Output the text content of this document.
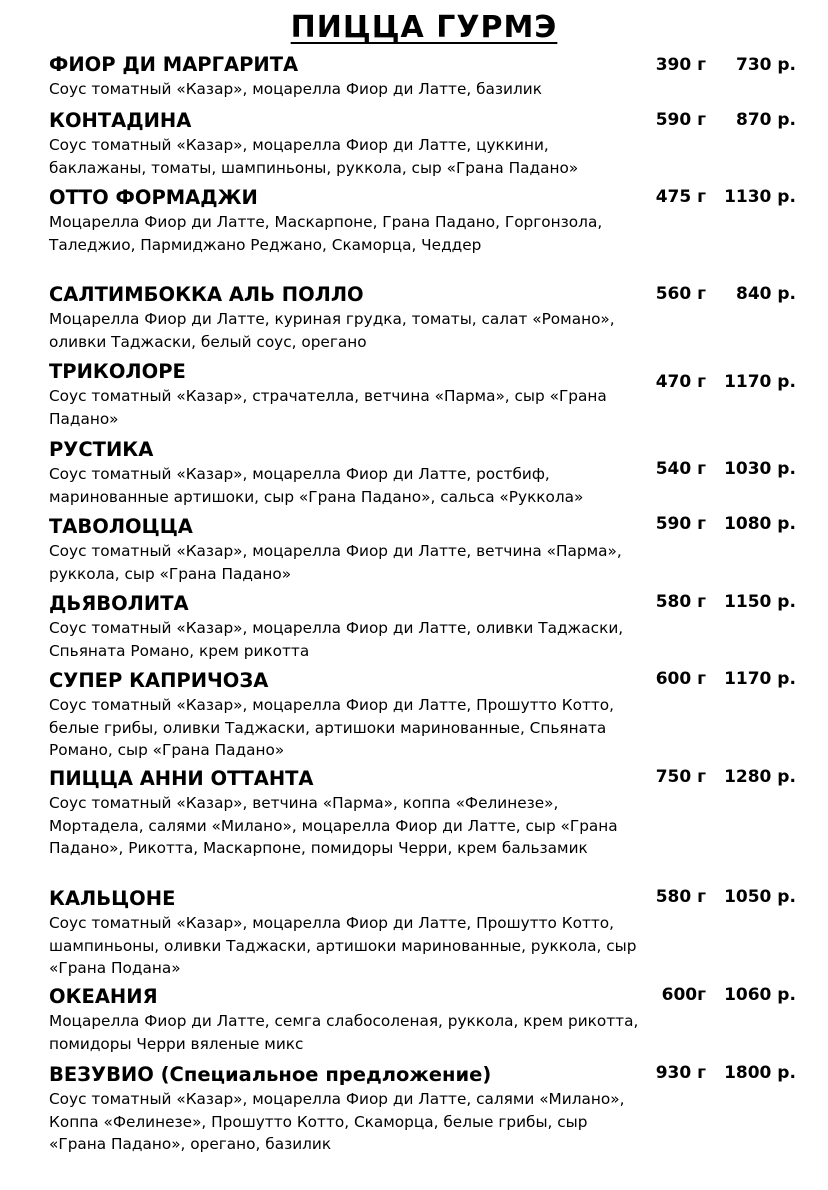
ПИЦЦА ГУРМЭ
ФИОР ДИ МАРГАРИТА
Соус томатный «Казар», моцарелла Фиор ди Латте, базилик
390 г	730 р.
КОНТАДИНА
Соус томатный «Казар», моцарелла Фиор ди Латте, цуккини, баклажаны, томаты, шампиньоны, руккола, сыр «Грана Падано»
590 г	870 р.
ОТТО ФОРМАДЖИ
Моцарелла Фиор ди Латте, Маскарпоне, Грана Падано, Горгонзола, Таледжио, Пармиджано Реджано, Скаморца, Чеддер
475 г 1130 р.
САЛТИМБОККА АЛЬ ПОЛЛО
Моцарелла Фиор ди Латте, куриная грудка, томаты, салат «Романо», оливки Таджаски, белый соус, орегано
560 г	840 р.
ТРИКОЛОРЕ
Соус томатный «Казар», страчателла, ветчина «Парма», сыр «Грана Падано»
470 г 1170 р.
РУСТИКА
Соус томатный «Казар», моцарелла Фиор ди Латте, ростбиф, маринованные артишоки, сыр «Грана Падано», сальса «Руккола»
540 г 1030 р.
ТАВОЛОЦЦА
Соус томатный «Казар», моцарелла Фиор ди Латте, ветчина «Парма», руккола, сыр «Грана Падано»
590 г 1080 р.
ДЬЯВОЛИТА
Соус томатный «Казар», моцарелла Фиор ди Латте, оливки Таджаски, Спьяната Романо, крем рикотта
580 г 1150 р.
СУПЕР КАПРИЧОЗА
Соус томатный «Казар», моцарелла Фиор ди Латте, Прошутто Котто, белые грибы, оливки Таджаски, артишоки маринованные, Спьяната Романо, сыр «Грана Падано»
600 г 1170 р.
ПИЦЦА АННИ ОТТАНТА
Соус томатный «Казар», ветчина «Парма», коппа «Фелинезе», Мортадела, салями «Милано», моцарелла Фиор ди Латте, сыр «Грана Падано», Рикотта, Маскарпоне, помидоры Черри, крем бальзамик
750 г 1280 р.
КАЛЬЦОНЕ
Соус томатный «Казар», моцарелла Фиор ди Латте, Прошутто Котто, шампиньоны, оливки Таджаски, артишоки маринованные, руккола, сыр «Грана Подана»
580 г 1050 р.
ОКЕАНИЯ
Моцарелла Фиор ди Латте, семга слабосоленая, руккола, крем рикотта, помидоры Черри вяленые микс
600г 1060 р.
ВЕЗУВИО (Специальное предложение)
Соус томатный «Казар», моцарелла Фиор ди Латте, салями «Милано», Коппа «Фелинезе», Прошутто Котто, Скаморца, белые грибы, сыр «Грана Падано», орегано, базилик
930 г 1800 р.
